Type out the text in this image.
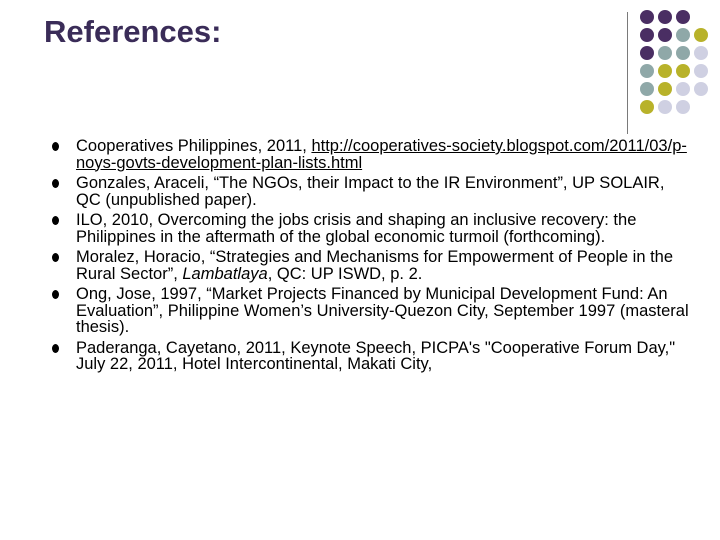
References:
Cooperatives Philippines, 2011, http://cooperatives-society.blogspot.com/2011/03/p-noys-govts-development-plan-lists.html
Gonzales, Araceli, “The NGOs, their Impact to the IR Environment”, UP SOLAIR, QC (unpublished paper).
ILO, 2010, Overcoming the jobs crisis and shaping an inclusive recovery: the Philippines in the aftermath of the global economic turmoil (forthcoming).
Moralez, Horacio, “Strategies and Mechanisms for Empowerment of People in the Rural Sector”, Lambatlaya, QC: UP ISWD, p. 2.
Ong, Jose, 1997, “Market Projects Financed by Municipal Development Fund: An Evaluation”, Philippine Women’s University-Quezon City, September 1997 (masteral thesis).
Paderanga, Cayetano, 2011, Keynote Speech, PICPA's "Cooperative Forum Day," July 22, 2011, Hotel Intercontinental, Makati City,
